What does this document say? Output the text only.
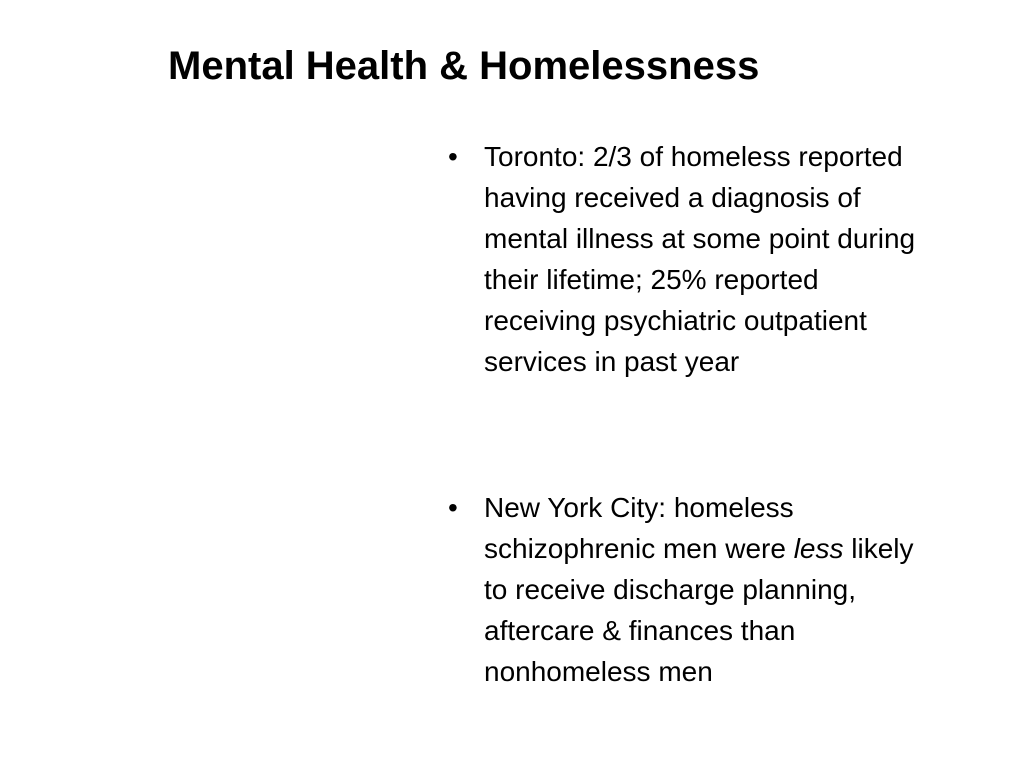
Mental Health & Homelessness
• Toronto: 2/3 of homeless reported
having received a diagnosis of
mental illness at some point during
their lifetime; 25% reported
receiving psychiatric outpatient
services in past year
• New York City: homeless
schizophrenic men were less likely
to receive discharge planning,
aftercare & finances than
nonhomeless men
